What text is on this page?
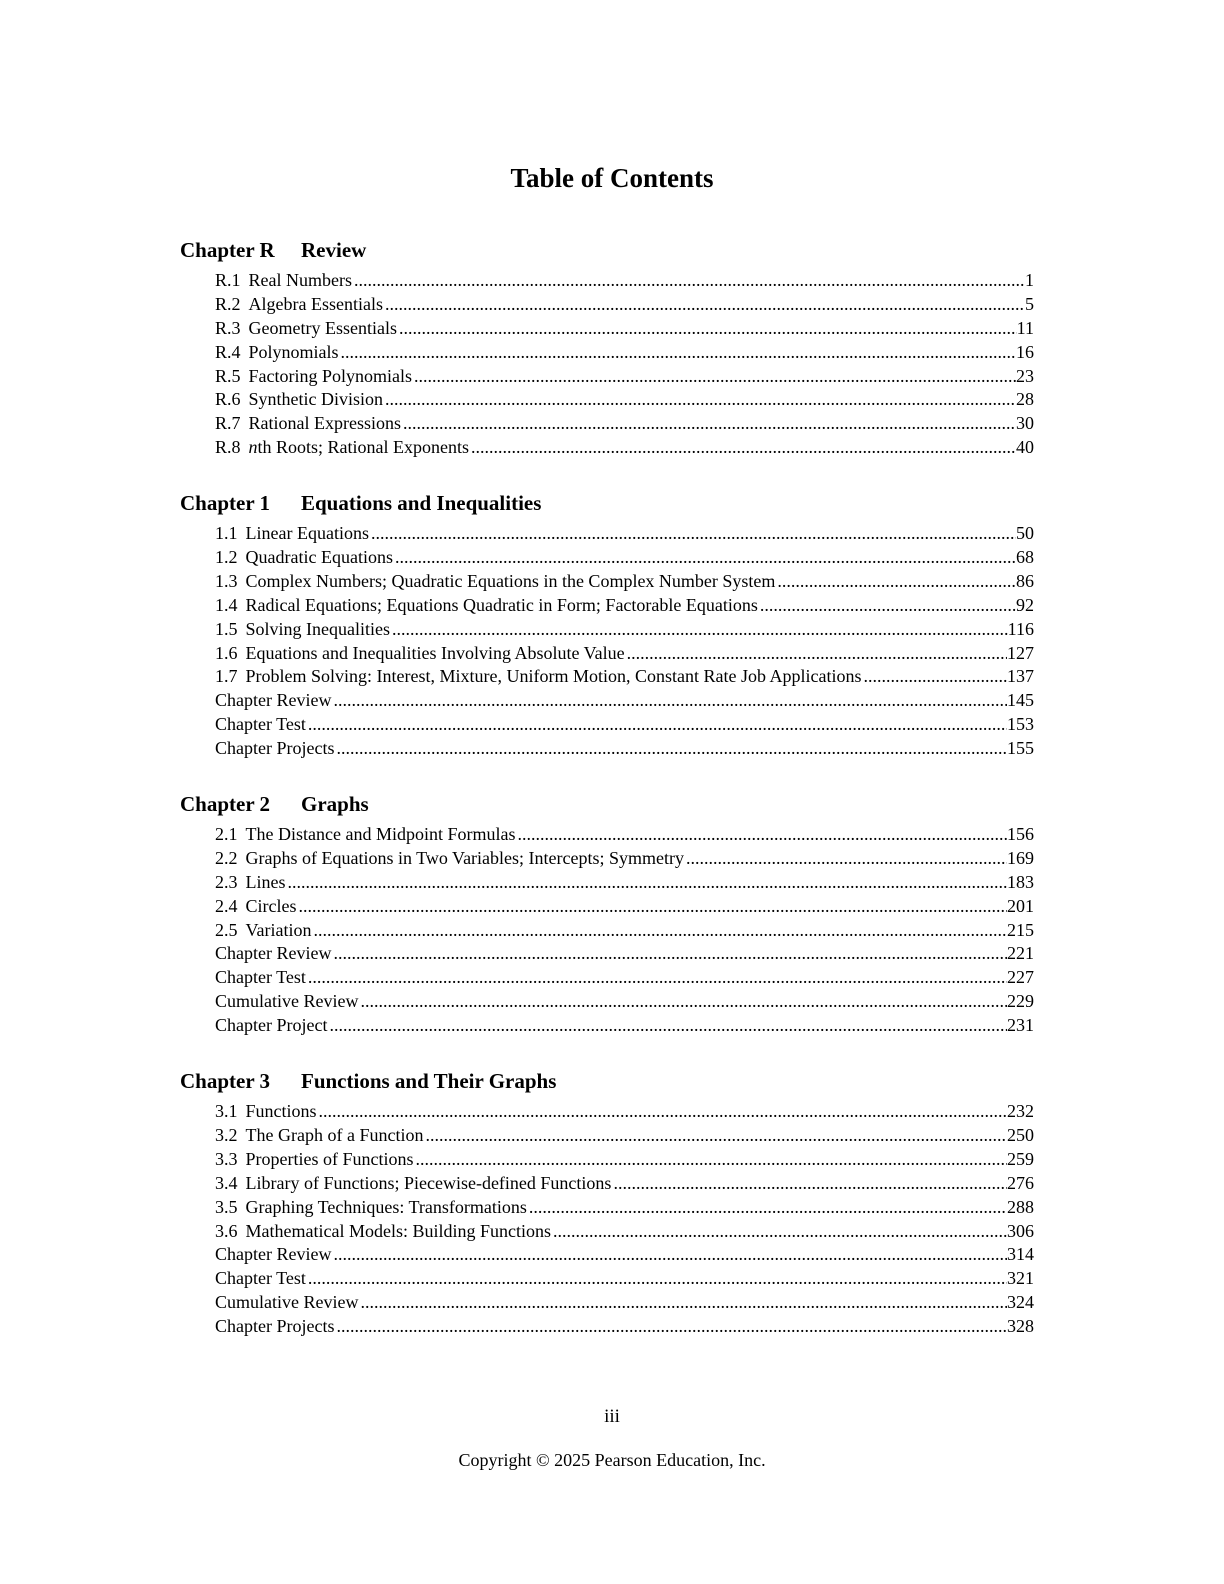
Table of Contents
Chapter R Review
R.1 Real Numbers .....	1
R.2 Algebra Essentials .....	5
R.3 Geometry Essentials .....	11
R.4 Polynomials .....	16
R.5 Factoring Polynomials .....	23
R.6 Synthetic Division .....	28
R.7 Rational Expressions .....	30
R.8 nth Roots; Rational Exponents .....	40
Chapter 1 Equations and Inequalities
1.1 Linear Equations .....	50
1.2 Quadratic Equations .....	68
1.3 Complex Numbers; Quadratic Equations in the Complex Number System .....	86
1.4 Radical Equations; Equations Quadratic in Form; Factorable Equations .....	92
1.5 Solving Inequalities .....	116
1.6 Equations and Inequalities Involving Absolute Value .....	127
1.7 Problem Solving: Interest, Mixture, Uniform Motion, Constant Rate Job Applications .....	137
Chapter Review .....	145
Chapter Test .....	153
Chapter Projects .....	155
Chapter 2 Graphs
2.1 The Distance and Midpoint Formulas .....	156
2.2 Graphs of Equations in Two Variables; Intercepts; Symmetry .....	169
2.3 Lines .....	183
2.4 Circles .....	201
2.5 Variation .....	215
Chapter Review .....	221
Chapter Test .....	227
Cumulative Review .....	229
Chapter Project .....	231
Chapter 3 Functions and Their Graphs
3.1 Functions .....	232
3.2 The Graph of a Function .....	250
3.3 Properties of Functions .....	259
3.4 Library of Functions; Piecewise-defined Functions .....	276
3.5 Graphing Techniques: Transformations .....	288
3.6 Mathematical Models: Building Functions .....	306
Chapter Review .....	314
Chapter Test .....	321
Cumulative Review .....	324
Chapter Projects .....	328
iii
Copyright © 2025 Pearson Education, Inc.
